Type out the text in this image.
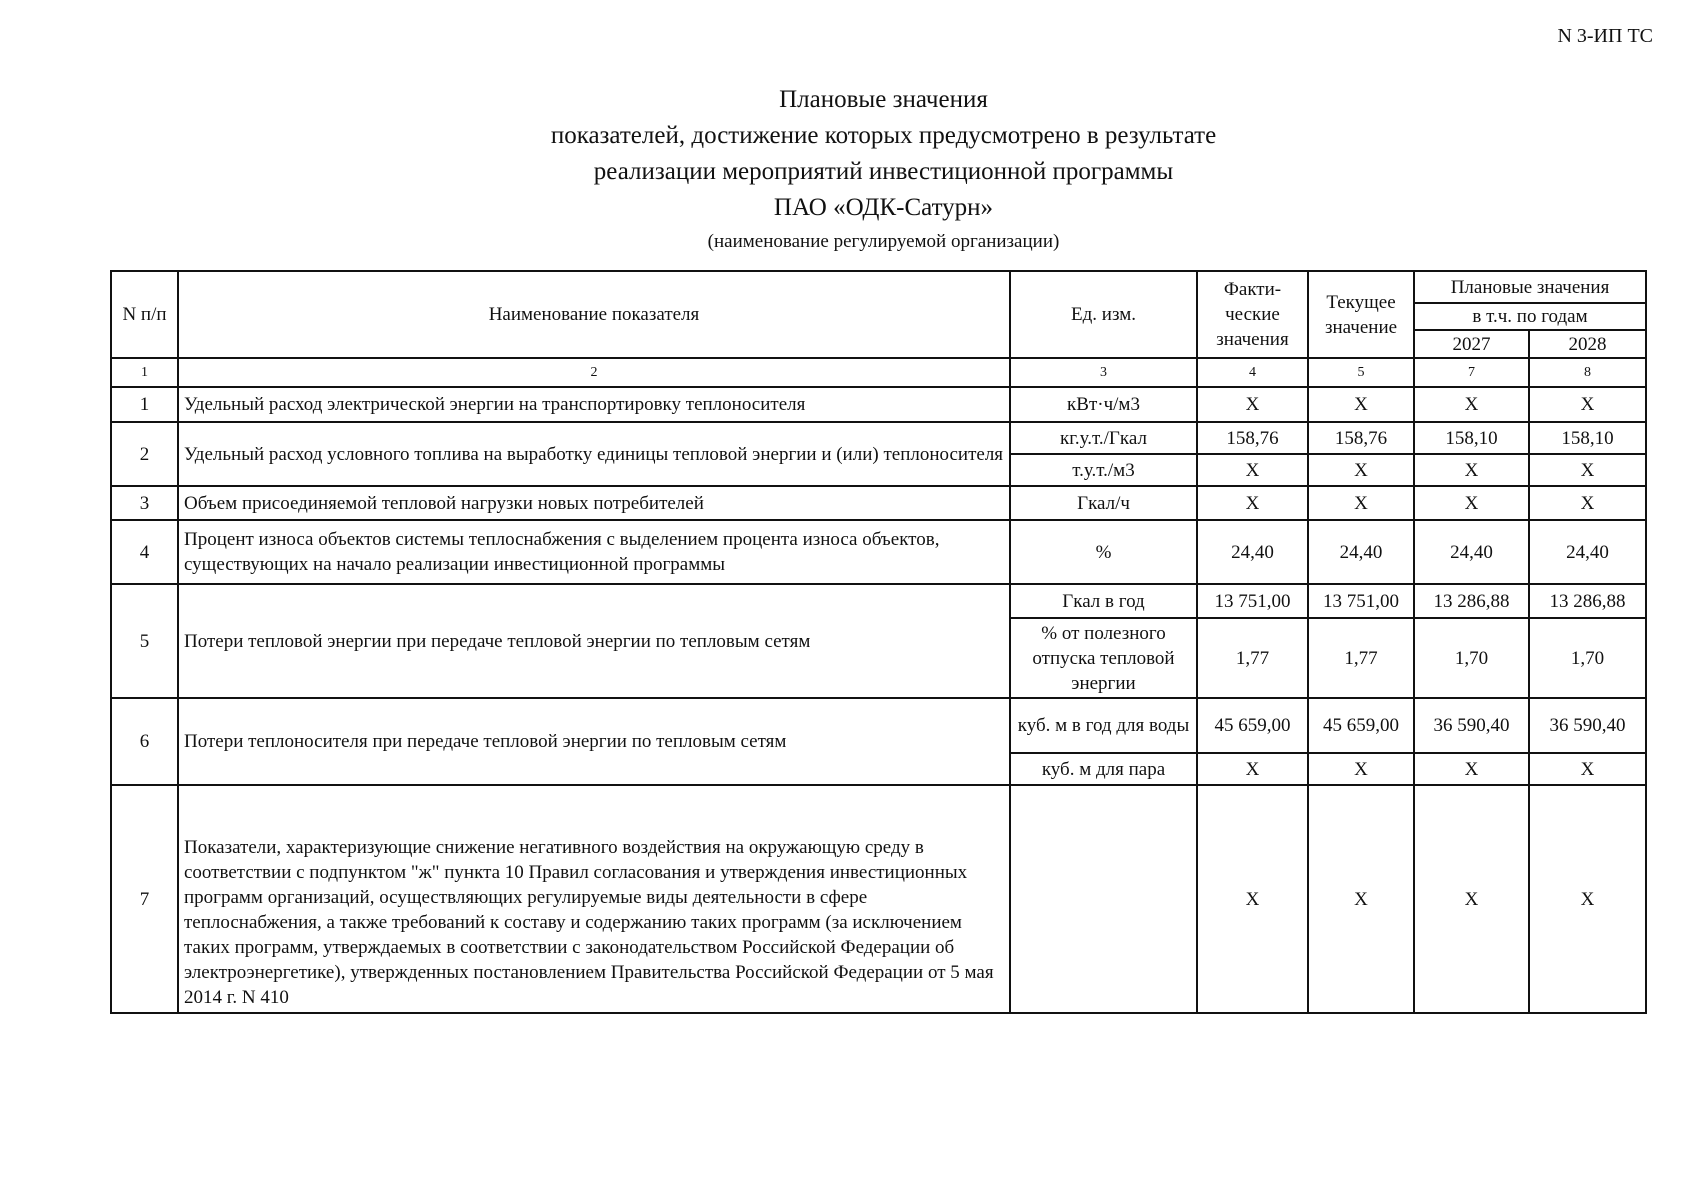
N 3-ИП ТС
Плановые значения
показателей, достижение которых предусмотрено в результате
реализации мероприятий инвестиционной программы
ПАО «ОДК-Сатурн»
(наименование регулируемой организации)
N п/п	Наименование показателя	Ед. изм.	Факти-ческие значения	Текущее значение	Плановые значения	
					в т.ч. по годам	
					2027	2028
1	2	3	4	5	7	8
1	Удельный расход электрической энергии на транспортировку теплоносителя	кВт·ч/м3	X	X	X	X
2	Удельный расход условного топлива на выработку единицы тепловой энергии и (или) теплоносителя	кг.у.т./Гкал	158,76	158,76	158,10	158,10
		т.у.т./м3	X	X	X	X
3	Объем присоединяемой тепловой нагрузки новых потребителей	Гкал/ч	X	X	X	X
4	Процент износа объектов системы теплоснабжения с выделением процента износа объектов, существующих на начало реализации инвестиционной программы	%	24,40	24,40	24,40	24,40
5	Потери тепловой энергии при передаче тепловой энергии по тепловым сетям	Гкал в год	13 751,00	13 751,00	13 286,88	13 286,88
		% от полезного отпуска тепловой энергии	1,77	1,77	1,70	1,70
6	Потери теплоносителя при передаче тепловой энергии по тепловым сетям	куб. м в год для воды	45 659,00	45 659,00	36 590,40	36 590,40
		куб. м для пара	X	X	X	X
7	Показатели, характеризующие снижение негативного воздействия на окружающую среду в соответствии с подпунктом "ж" пункта 10 Правил согласования и утверждения инвестиционных программ организаций, осуществляющих регулируемые виды деятельности в сфере теплоснабжения, а также требований к составу и содержанию таких программ (за исключением таких программ, утверждаемых в соответствии с законодательством Российской Федерации об электроэнергетике), утвержденных постановлением Правительства Российской Федерации от 5 мая 2014 г. N 410		X	X	X	X
